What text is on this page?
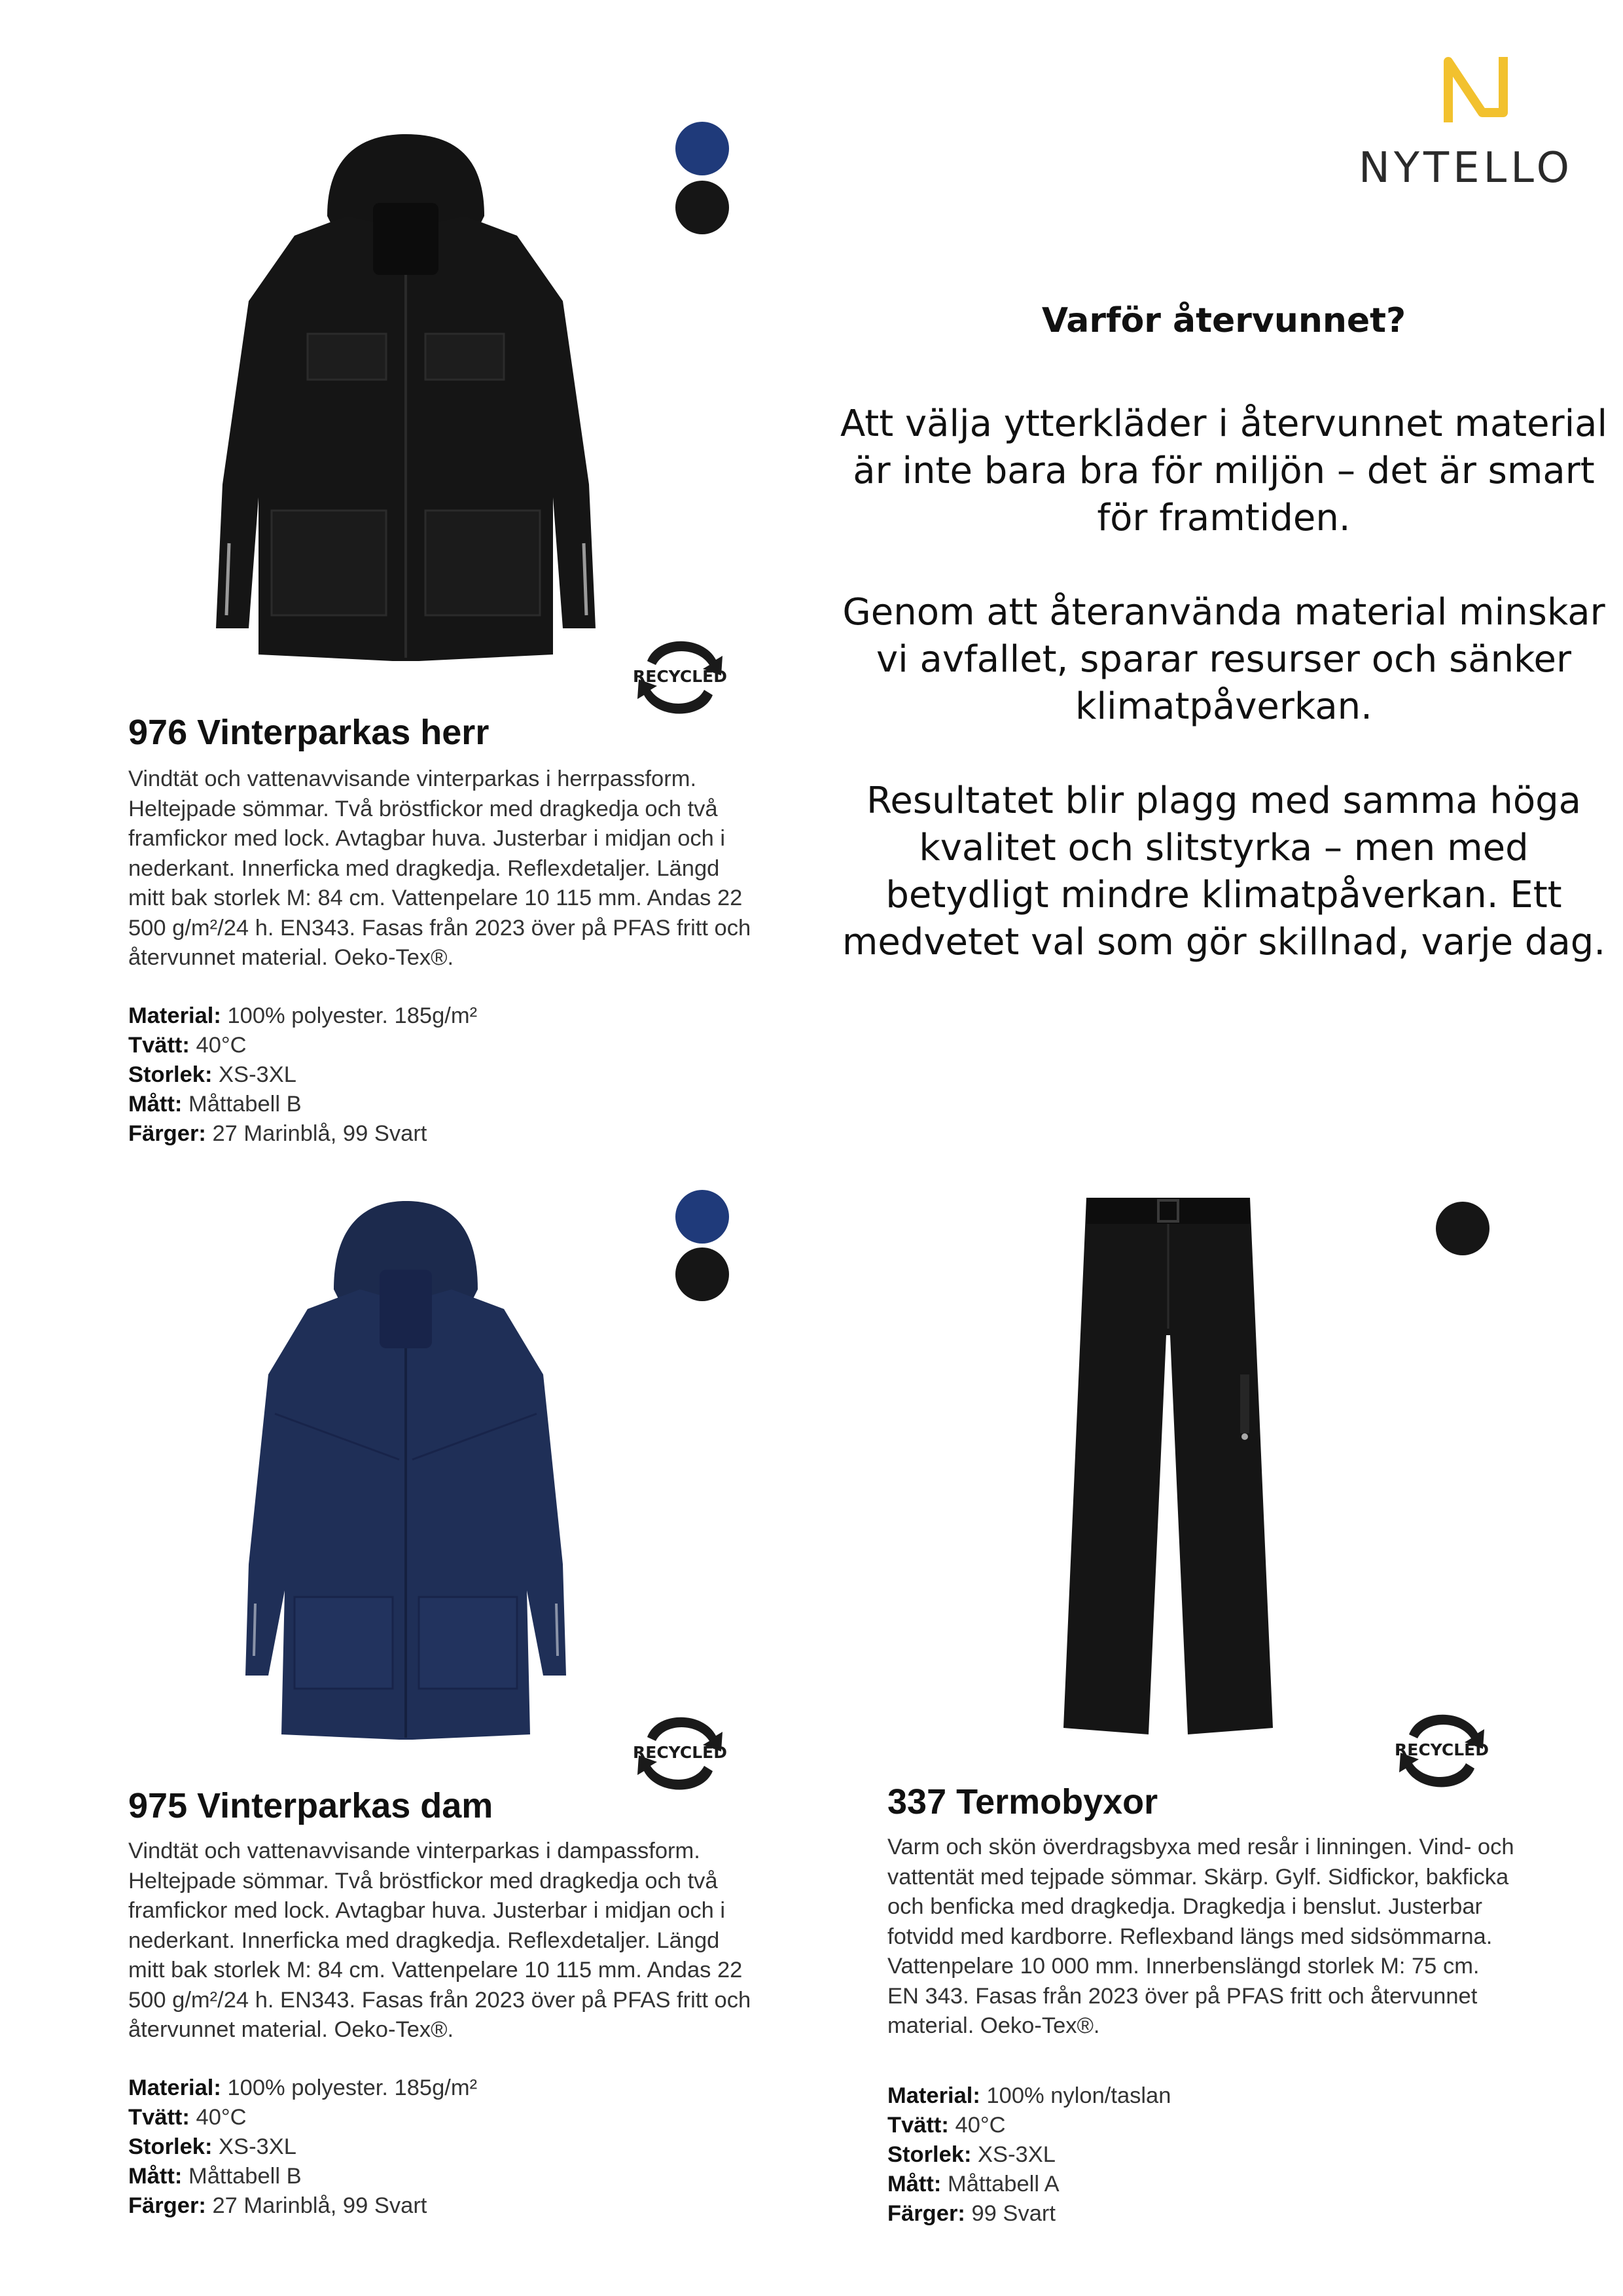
NYTELLO
RECYCLED
976 Vinterparkas herr
Vindtät och vattenavvisande vinterparkas i herrpassform. Heltejpade sömmar. Två bröstfickor med dragkedja och två framfickor med lock. Avtagbar huva. Justerbar i midjan och i nederkant. Innerficka med dragkedja. Reflexdetaljer. Längd mitt bak storlek M: 84 cm. Vattenpelare 10 115 mm. Andas 22 500 g/m²/24 h. EN343. Fasas från 2023 över på PFAS fritt och återvunnet material. Oeko-Tex®.
Material: 100% polyester. 185g/m²
Tvätt: 40°C
Storlek: XS-3XL
Mått: Måttabell B
Färger: 27 Marinblå, 99 Svart
Varför återvunnet?
Att välja ytterkläder i återvunnet material är inte bara bra för miljön – det är smart för framtiden.
Genom att återanvända material minskar vi avfallet, sparar resurser och sänker klimatpåverkan.
Resultatet blir plagg med samma höga kvalitet och slitstyrka – men med betydligt mindre klimatpåverkan. Ett medvetet val som gör skillnad, varje dag.
RECYCLED
975 Vinterparkas dam
Vindtät och vattenavvisande vinterparkas i dampassform. Heltejpade sömmar. Två bröstfickor med dragkedja och två framfickor med lock. Avtagbar huva. Justerbar i midjan och i nederkant. Innerficka med dragkedja. Reflexdetaljer. Längd mitt bak storlek M: 84 cm. Vattenpelare 10 115 mm. Andas 22 500 g/m²/24 h. EN343. Fasas från 2023 över på PFAS fritt och återvunnet material. Oeko-Tex®.
Material: 100% polyester. 185g/m²
Tvätt: 40°C
Storlek: XS-3XL
Mått: Måttabell B
Färger: 27 Marinblå, 99 Svart
RECYCLED
337 Termobyxor
Varm och skön överdragsbyxa med resår i linningen. Vind- och vattentät med tejpade sömmar. Skärp. Gylf. Sidfickor, bakficka och benficka med dragkedja. Dragkedja i benslut. Justerbar fotvidd med kardborre. Reflexband längs med sidsömmarna. Vattenpelare 10 000 mm. Innerbenslängd storlek M: 75 cm. EN 343. Fasas från 2023 över på PFAS fritt och återvunnet material. Oeko-Tex®.
Material: 100% nylon/taslan
Tvätt: 40°C
Storlek: XS-3XL
Mått: Måttabell A
Färger: 99 Svart
